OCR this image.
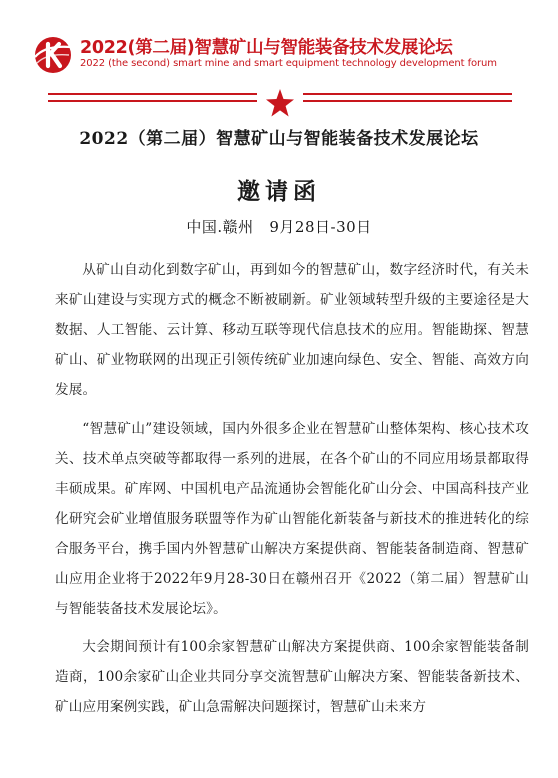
2022(第二届)智慧矿山与智能装备技术发展论坛
2022 (the second) smart mine and smart equipment technology development forum
2022（第二届）智慧矿山与智能装备技术发展论坛
邀请函
中国.赣州   9月28日-30日

从矿山自动化到数字矿山，再到如今的智慧矿山，数字经济时代，有关未来矿山建设与实现方式的概念不断被刷新。矿业领域转型升级的主要途径是大数据、人工智能、云计算、移动互联等现代信息技术的应用。智能勘探、智慧矿山、矿业物联网的出现正引领传统矿业加速向绿色、安全、智能、高效方向发展。

“智慧矿山”建设领域，国内外很多企业在智慧矿山整体架构、核心技术攻关、技术单点突破等都取得一系列的进展，在各个矿山的不同应用场景都取得丰硕成果。矿库网、中国机电产品流通协会智能化矿山分会、中国高科技产业化研究会矿业增值服务联盟等作为矿山智能化新装备与新技术的推进转化的综合服务平台，携手国内外智慧矿山解决方案提供商、智能装备制造商、智慧矿山应用企业将于2022年9月28-30日在赣州召开《2022（第二届）智慧矿山与智能装备技术发展论坛》。

大会期间预计有100余家智慧矿山解决方案提供商、100余家智能装备制造商，100余家矿山企业共同分享交流智慧矿山解决方案、智能装备新技术、矿山应用案例实践，矿山急需解决问题探讨，智慧矿山未来方
